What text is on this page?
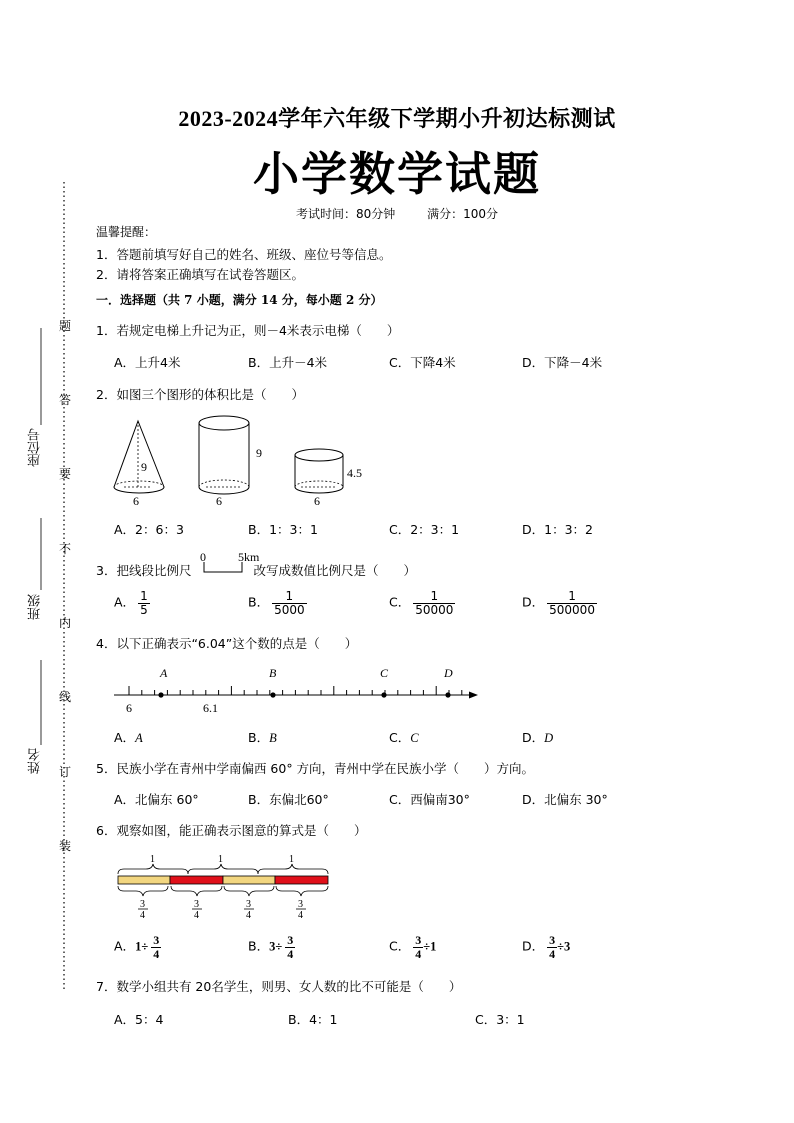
2023-2024学年六年级下学期小升初达标测试
小学数学试题
考试时间：80分钟	满分：100分
座位号
班级
姓名
题
答
要
不
内
线
订
装
温馨提醒：
1．答题前填写好自己的姓名、班级、座位号等信息。
2．请将答案正确填写在试卷答题区。
一．选择题（共 7 小题，满分 14 分，每小题 2 分）
1．若规定电梯上升记为正，则－4米表示电梯（　　）
A．上升4米	B．上升－4米	C．下降4米	D．下降－4米
2．如图三个图形的体积比是（　　）
9
6
9
6
4.5
6
A．2：6：3	B．1：3：1	C．2：3：1	D．1：3：2
3．把线段比例尺	改写成数值比例尺是（　　）
0	5km
A． $\frac{1}{5}$	B． $\frac{1}{5000}$	C． $\frac{1}{50000}$	D． $\frac{1}{500000}$
4．以下正确表示“6.04”这个数的点是（　　）
A	B	C	D
6	6.1
A．A	B．B	C．C	D．D
5．民族小学在青州中学南偏西 60° 方向，青州中学在民族小学（　　）方向。
A．北偏东 60°	B．东偏北60°	C．西偏南30°	D．北偏东 30°
6．观察如图，能正确表示图意的算式是（　　）
1	1	1
3
4
3
4
3
4
3
4
A．$1\div \frac{3}{4}$	B．$3\div \frac{3}{4}$	C． $\frac{3}{4} \div 1$	D． $\frac{3}{4} \div 3$
7．数学小组共有 20名学生，则男、女人数的比不可能是（　　）
A．5：4	B．4：1	C．3：1
